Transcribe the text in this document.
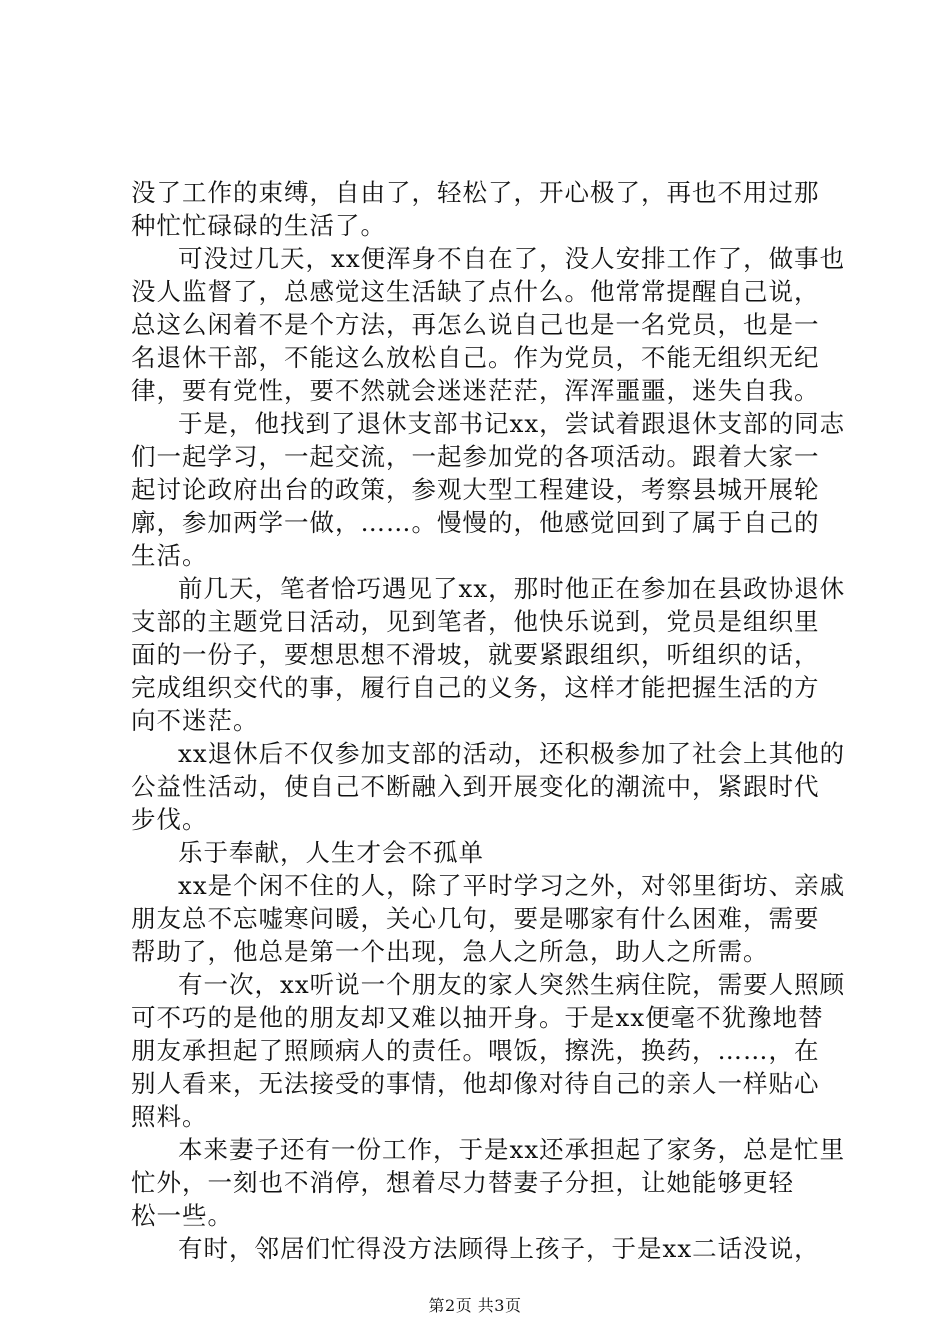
没了工作的束缚，自由了，轻松了，开心极了，再也不用过那
种忙忙碌碌的生活了。
可没过几天，xx便浑身不自在了，没人安排工作了，做事也
没人监督了，总感觉这生活缺了点什么。他常常提醒自己说，
总这么闲着不是个方法，再怎么说自己也是一名党员，也是一
名退休干部，不能这么放松自己。作为党员，不能无组织无纪
律，要有党性，要不然就会迷迷茫茫，浑浑噩噩，迷失自我。
于是，他找到了退休支部书记xx，尝试着跟退休支部的同志
们一起学习，一起交流，一起参加党的各项活动。跟着大家一
起讨论政府出台的政策，参观大型工程建设，考察县城开展轮
廓，参加两学一做，……。慢慢的，他感觉回到了属于自己的
生活。
前几天，笔者恰巧遇见了xx，那时他正在参加在县政协退休
支部的主题党日活动，见到笔者，他快乐说到，党员是组织里
面的一份子，要想思想不滑坡，就要紧跟组织，听组织的话，
完成组织交代的事，履行自己的义务，这样才能把握生活的方
向不迷茫。
xx退休后不仅参加支部的活动，还积极参加了社会上其他的
公益性活动，使自己不断融入到开展变化的潮流中，紧跟时代
步伐。
乐于奉献，人生才会不孤单
xx是个闲不住的人，除了平时学习之外，对邻里街坊、亲戚
朋友总不忘嘘寒问暖，关心几句，要是哪家有什么困难，需要
帮助了，他总是第一个出现，急人之所急，助人之所需。
有一次，xx听说一个朋友的家人突然生病住院，需要人照顾
可不巧的是他的朋友却又难以抽开身。于是xx便毫不犹豫地替
朋友承担起了照顾病人的责任。喂饭，擦洗，换药，……，在
别人看来，无法接受的事情，他却像对待自己的亲人一样贴心
照料。
本来妻子还有一份工作，于是xx还承担起了家务，总是忙里
忙外，一刻也不消停，想着尽力替妻子分担，让她能够更轻
松一些。
有时，邻居们忙得没方法顾得上孩子，于是xx二话没说，
第2页 共3页
